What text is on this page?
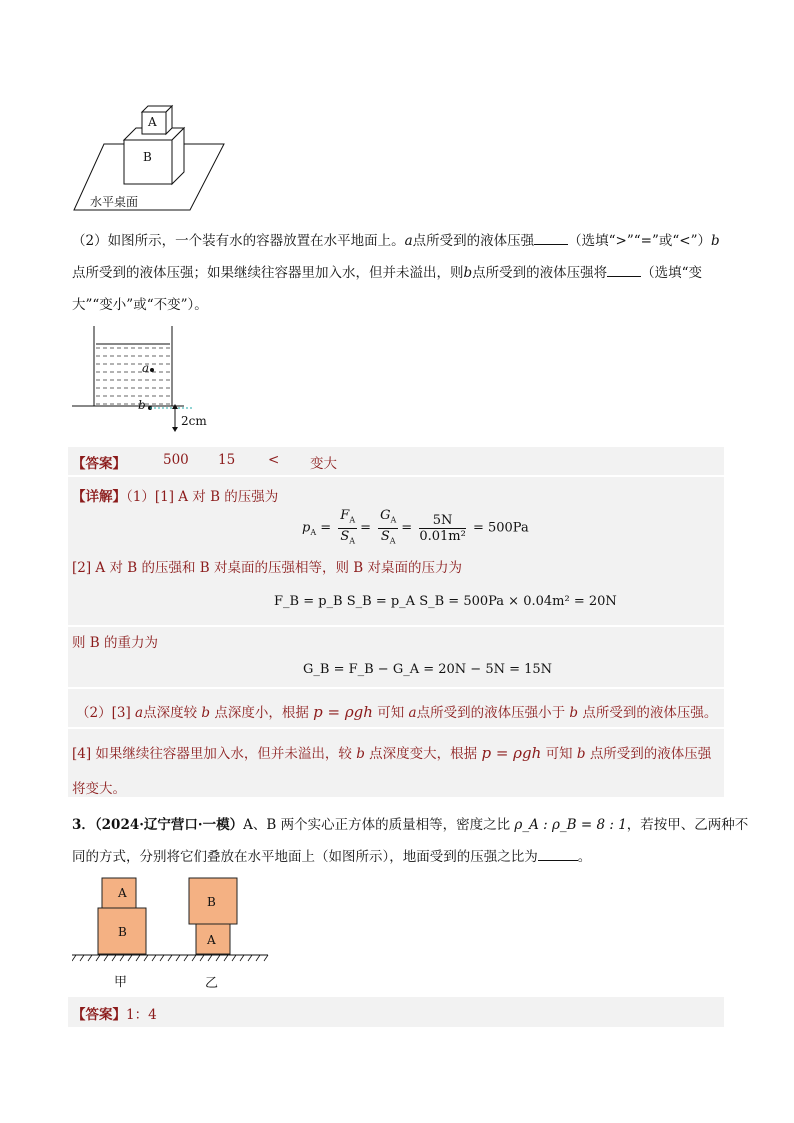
A
B
水平桌面
（2）如图所示，一个装有水的容器放置在水平地面上。a点所受到的液体压强	（选填“>”“=”或“<”）b
点所受到的液体压强；如果继续往容器里加入水，但并未溢出，则b点所受到的液体压强将	（选填“变
大”“变小”或“不变”）。
a
b
2cm
【答案】	500 15 < 变大
【详解】（1）[1] A 对 B 的压强为
$p_A = \frac{F_A}{S_A} = \frac{G_A}{S_A} = \frac{5N}{\text{0.01m²}} = 500Pa$
[2] A 对 B 的压强和 B 对桌面的压强相等，则 B 对桌面的压力为
F_B = p_B S_B = p_A S_B = 500Pa × 0.04m² = 20N
则 B 的重力为
G_B = F_B − G_A = 20N − 5N = 15N
（2）[3] a点深度较 b 点深度小，根据 p = ρgh 可知 a点所受到的液体压强小于 b 点所受到的液体压强。
[4] 如果继续往容器里加入水，但并未溢出，较 b 点深度变大，根据 p = ρgh 可知 b 点所受到的液体压强
将变大。
3．（2024·辽宁营口·一模）A、B 两个实心正方体的质量相等，密度之比 ρ_A : ρ_B = 8 : 1，若按甲、乙两种不
同的方式，分别将它们叠放在水平地面上（如图所示），地面受到的压强之比为	。
A
B
B
A
甲	乙
【答案】1：4
